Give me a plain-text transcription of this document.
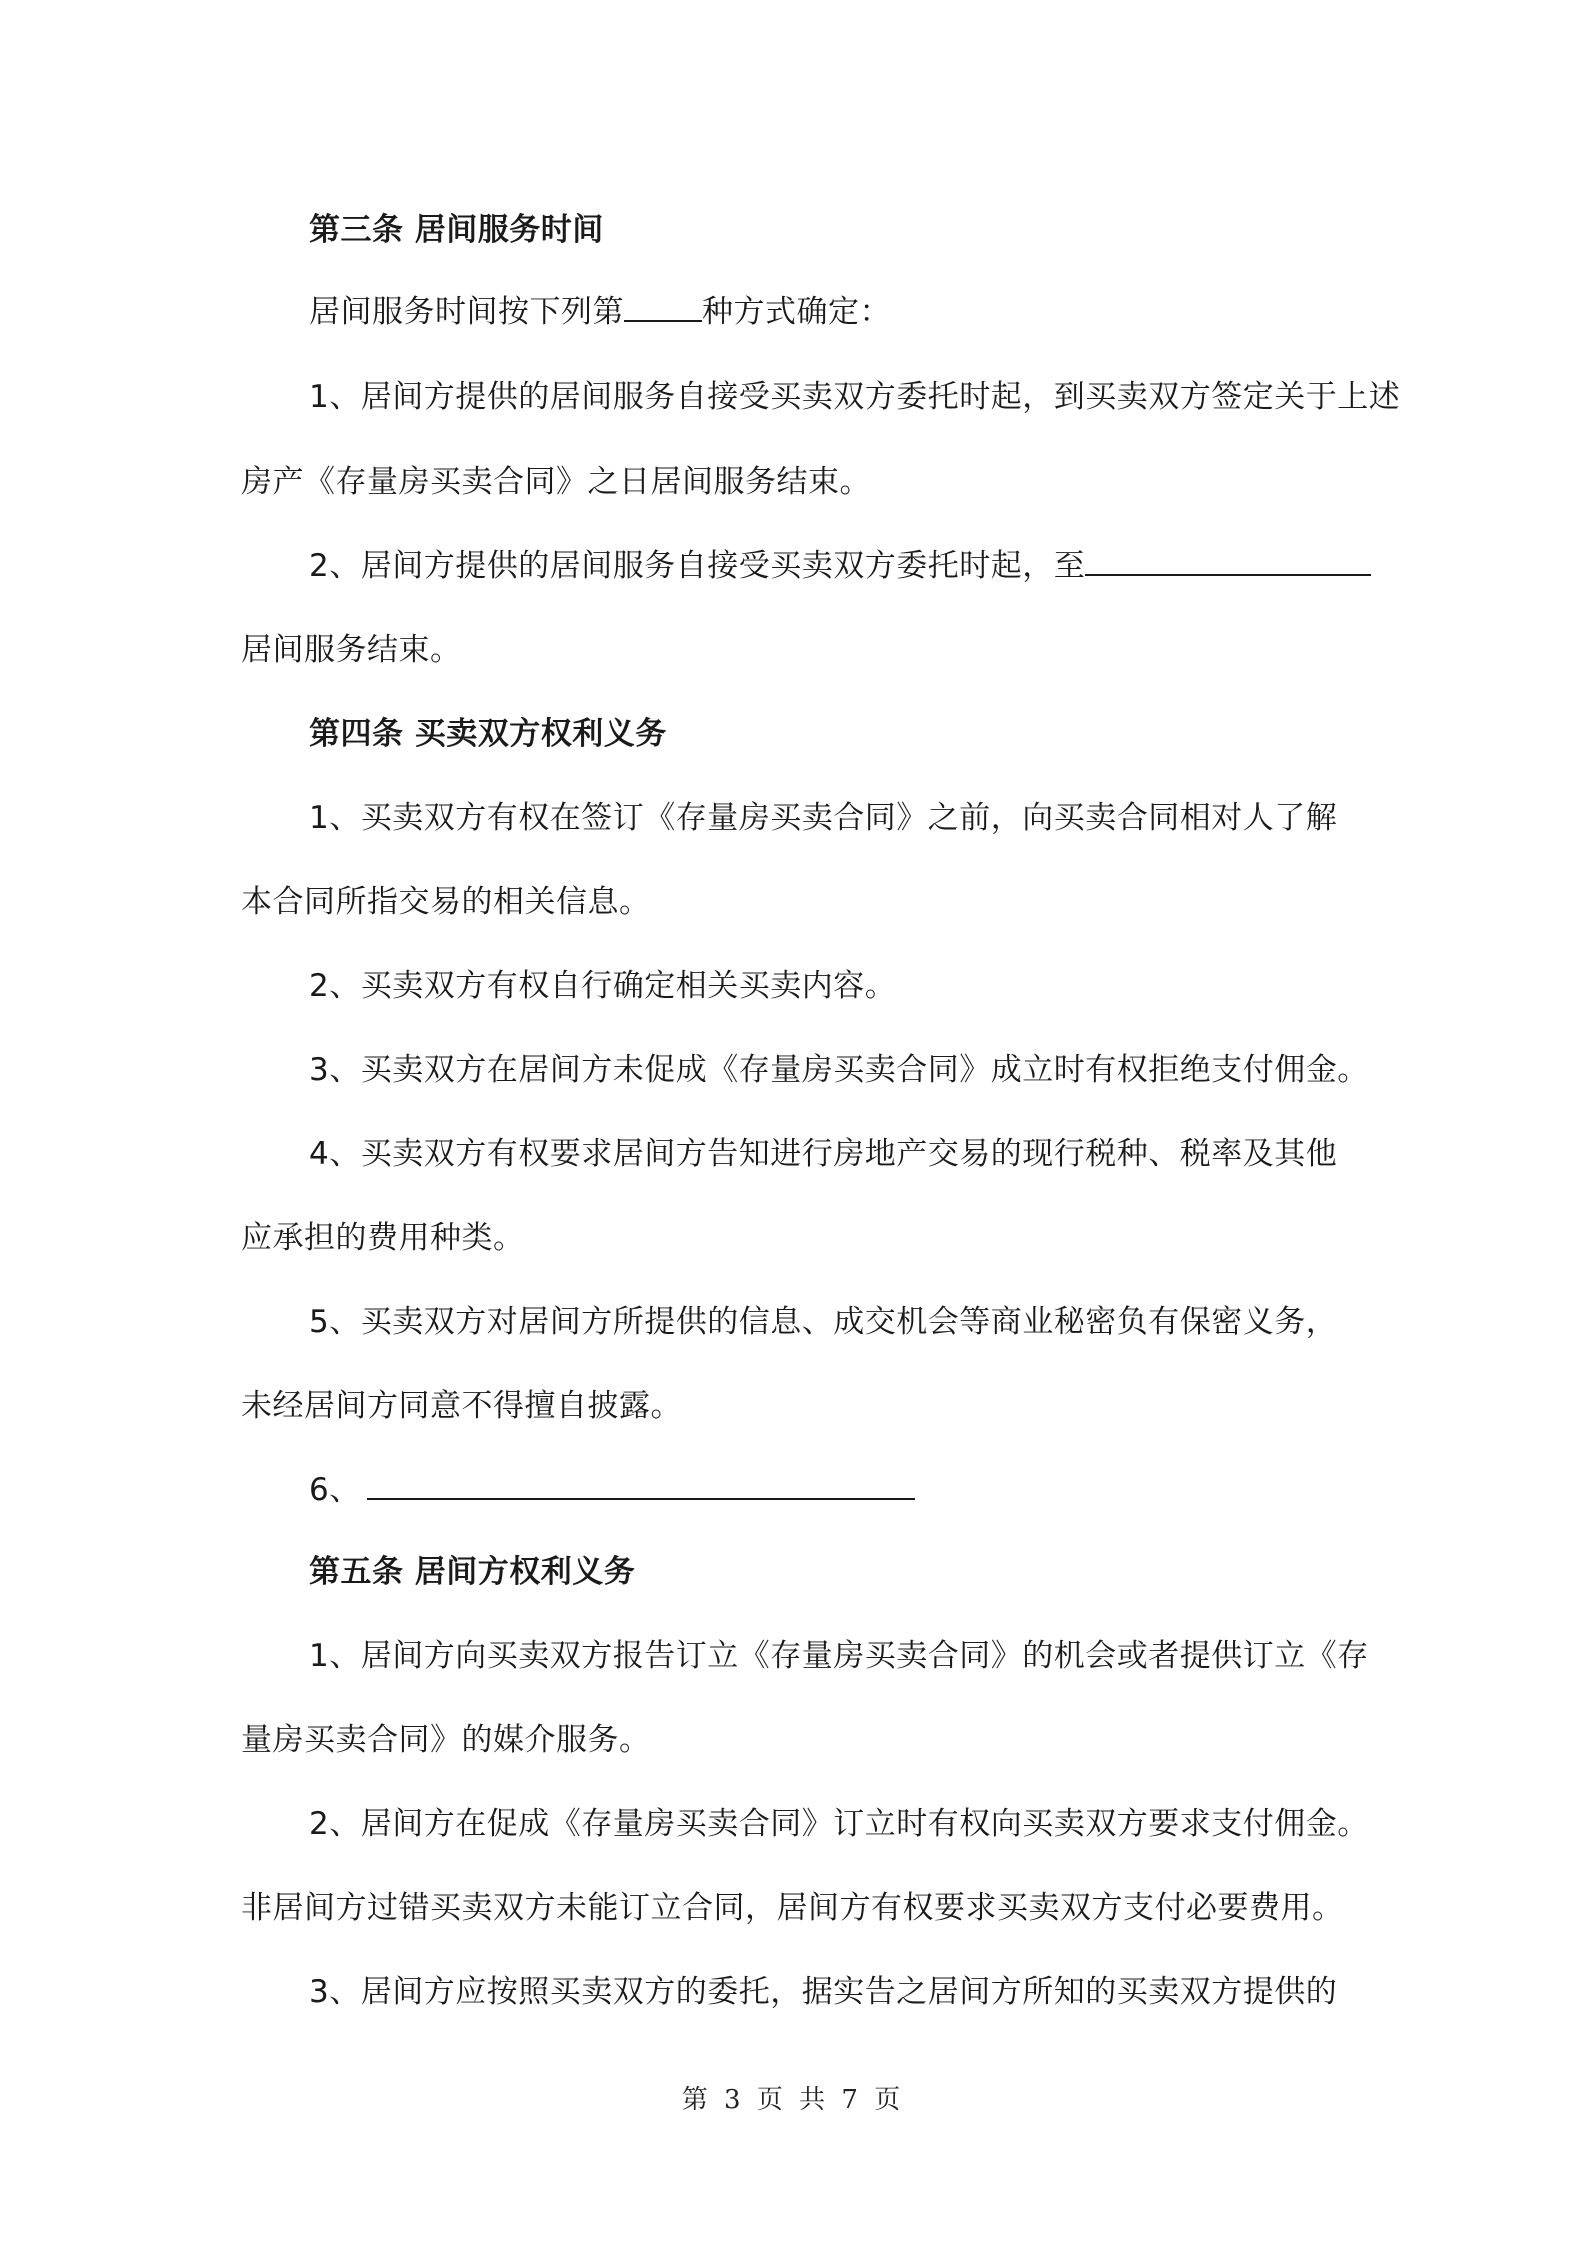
第三条 居间服务时间
居间服务时间按下列第	种方式确定：
1、居间方提供的居间服务自接受买卖双方委托时起，到买卖双方签定关于上述
房产《存量房买卖合同》之日居间服务结束。
2、居间方提供的居间服务自接受买卖双方委托时起，至
居间服务结束。
第四条 买卖双方权利义务
1、买卖双方有权在签订《存量房买卖合同》之前，向买卖合同相对人了解
本合同所指交易的相关信息。
2、买卖双方有权自行确定相关买卖内容。
3、买卖双方在居间方未促成《存量房买卖合同》成立时有权拒绝支付佣金。
4、买卖双方有权要求居间方告知进行房地产交易的现行税种、税率及其他
应承担的费用种类。
5、买卖双方对居间方所提供的信息、成交机会等商业秘密负有保密义务，
未经居间方同意不得擅自披露。
6、
第五条 居间方权利义务
1、居间方向买卖双方报告订立《存量房买卖合同》的机会或者提供订立《存
量房买卖合同》的媒介服务。
2、居间方在促成《存量房买卖合同》订立时有权向买卖双方要求支付佣金。
非居间方过错买卖双方未能订立合同，居间方有权要求买卖双方支付必要费用。
3、居间方应按照买卖双方的委托，据实告之居间方所知的买卖双方提供的
第 3 页 共 7 页
